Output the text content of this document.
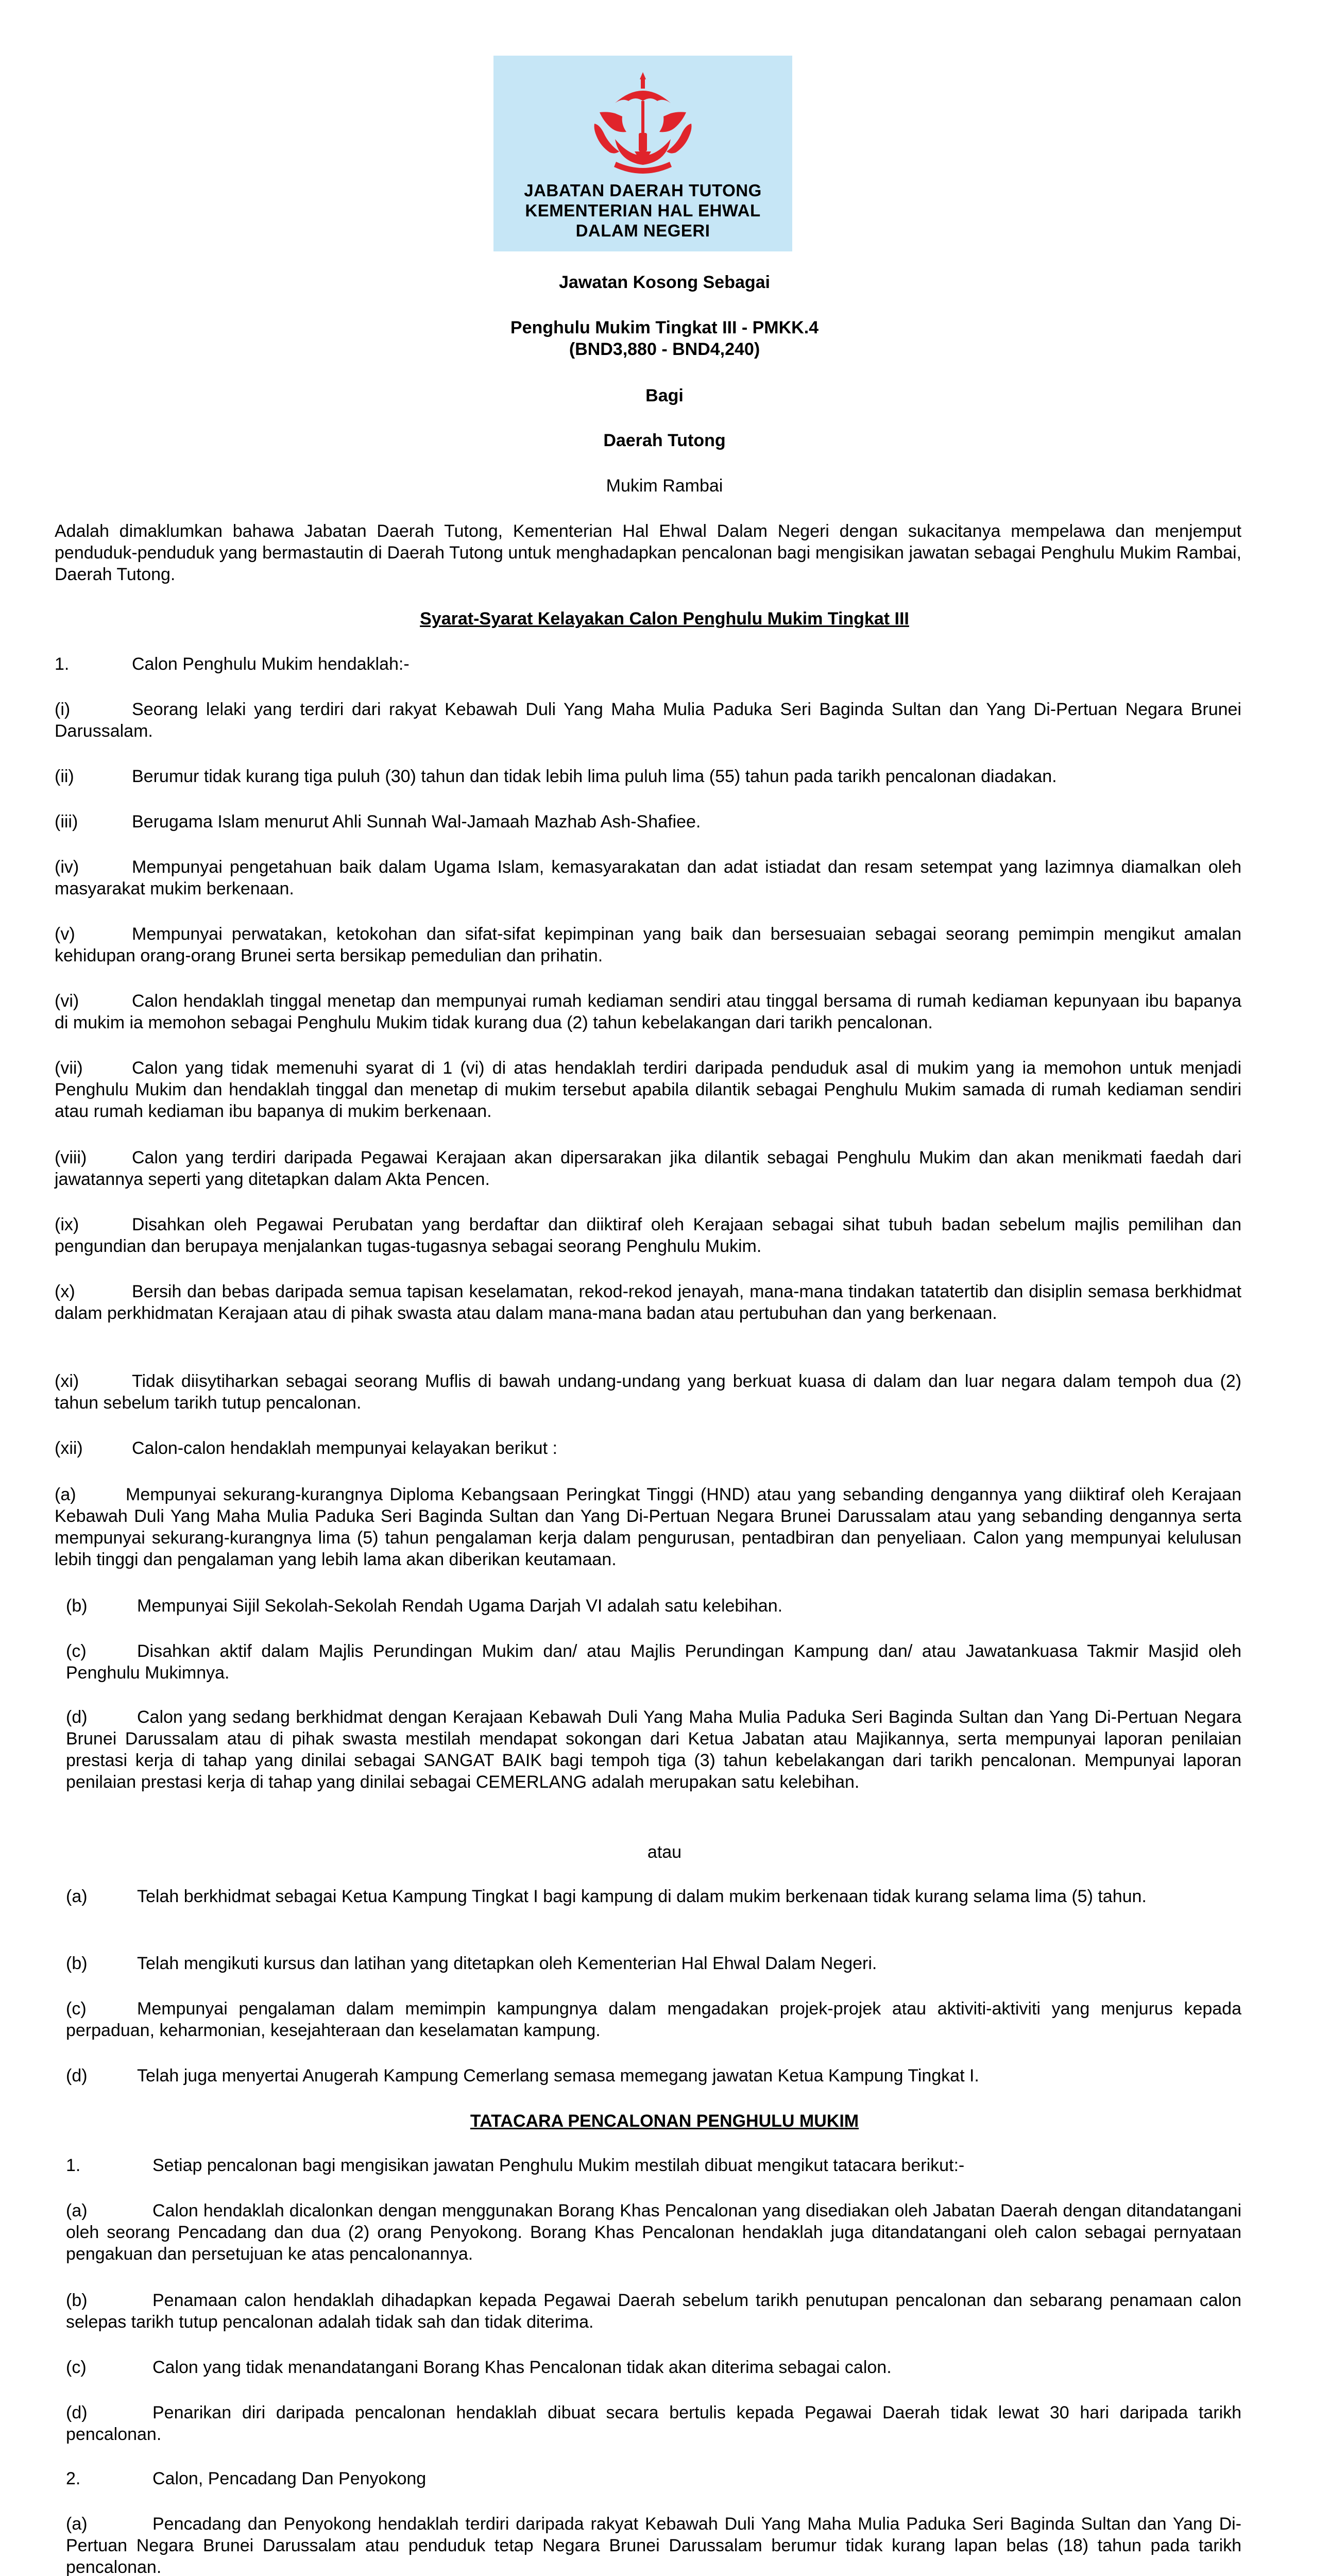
JABATAN DAERAH TUTONG
KEMENTERIAN HAL EHWAL
DALAM NEGERI
Jawatan Kosong Sebagai
Penghulu Mukim Tingkat III - PMKK.4
(BND3,880 - BND4,240)
Bagi
Daerah Tutong
Mukim Rambai
Adalah dimaklumkan bahawa Jabatan Daerah Tutong, Kementerian Hal Ehwal Dalam Negeri dengan sukacitanya mempelawa dan menjemput penduduk-penduduk yang bermastautin di Daerah Tutong untuk menghadapkan pencalonan bagi mengisikan jawatan sebagai Penghulu Mukim Rambai, Daerah Tutong.
Syarat-Syarat Kelayakan Calon Penghulu Mukim Tingkat III
1.	Calon Penghulu Mukim hendaklah:-
(i)	Seorang lelaki yang terdiri dari rakyat Kebawah Duli Yang Maha Mulia Paduka Seri Baginda Sultan dan Yang Di-Pertuan Negara Brunei Darussalam.
(ii)	Berumur tidak kurang tiga puluh (30) tahun dan tidak lebih lima puluh lima (55) tahun pada tarikh pencalonan diadakan.
(iii)	Berugama Islam menurut Ahli Sunnah Wal-Jamaah Mazhab Ash-Shafiee.
(iv)	Mempunyai pengetahuan baik dalam Ugama Islam, kemasyarakatan dan adat istiadat dan resam setempat yang lazimnya diamalkan oleh masyarakat mukim berkenaan.
(v)	Mempunyai perwatakan, ketokohan dan sifat-sifat kepimpinan yang baik dan bersesuaian sebagai seorang pemimpin mengikut amalan kehidupan orang-orang Brunei serta bersikap pemedulian dan prihatin.
(vi)	Calon hendaklah tinggal menetap dan mempunyai rumah kediaman sendiri atau tinggal bersama di rumah kediaman kepunyaan ibu bapanya di mukim ia memohon sebagai Penghulu Mukim tidak kurang dua (2) tahun kebelakangan dari tarikh pencalonan.
(vii)	Calon yang tidak memenuhi syarat di 1 (vi) di atas hendaklah terdiri daripada penduduk asal di mukim yang ia memohon untuk menjadi Penghulu Mukim dan hendaklah tinggal dan menetap di mukim tersebut apabila dilantik sebagai Penghulu Mukim samada di rumah kediaman sendiri atau rumah kediaman ibu bapanya di mukim berkenaan.
(viii)	Calon yang terdiri daripada Pegawai Kerajaan akan dipersarakan jika dilantik sebagai Penghulu Mukim dan akan menikmati faedah dari jawatannya seperti yang ditetapkan dalam Akta Pencen.
(ix)	Disahkan oleh Pegawai Perubatan yang berdaftar dan diiktiraf oleh Kerajaan sebagai sihat tubuh badan sebelum majlis pemilihan dan pengundian dan berupaya menjalankan tugas-tugasnya sebagai seorang Penghulu Mukim.
(x)	Bersih dan bebas daripada semua tapisan keselamatan, rekod-rekod jenayah, mana-mana tindakan tatatertib dan disiplin semasa berkhidmat dalam perkhidmatan Kerajaan atau di pihak swasta atau dalam mana-mana badan atau pertubuhan dan yang berkenaan.
(xi)	Tidak diisytiharkan sebagai seorang Muflis di bawah undang-undang yang berkuat kuasa di dalam dan luar negara dalam tempoh dua (2) tahun sebelum tarikh tutup pencalonan.
(xii)	Calon-calon hendaklah mempunyai kelayakan berikut :
(a)	Mempunyai sekurang-kurangnya Diploma Kebangsaan Peringkat Tinggi (HND) atau yang sebanding dengannya yang diiktiraf oleh Kerajaan Kebawah Duli Yang Maha Mulia Paduka Seri Baginda Sultan dan Yang Di-Pertuan Negara Brunei Darussalam atau yang sebanding dengannya serta mempunyai sekurang-kurangnya lima (5) tahun pengalaman kerja dalam pengurusan, pentadbiran dan penyeliaan. Calon yang mempunyai kelulusan lebih tinggi dan pengalaman yang lebih lama akan diberikan keutamaan.
(b)	Mempunyai Sijil Sekolah-Sekolah Rendah Ugama Darjah VI adalah satu kelebihan.
(c)	Disahkan aktif dalam Majlis Perundingan Mukim dan/ atau Majlis Perundingan Kampung dan/ atau Jawatankuasa Takmir Masjid oleh Penghulu Mukimnya.
(d)	Calon yang sedang berkhidmat dengan Kerajaan Kebawah Duli Yang Maha Mulia Paduka Seri Baginda Sultan dan Yang Di-Pertuan Negara Brunei Darussalam atau di pihak swasta mestilah mendapat sokongan dari Ketua Jabatan atau Majikannya, serta mempunyai laporan penilaian prestasi kerja di tahap yang dinilai sebagai SANGAT BAIK bagi tempoh tiga (3) tahun kebelakangan dari tarikh pencalonan. Mempunyai laporan penilaian prestasi kerja di tahap yang dinilai sebagai CEMERLANG adalah merupakan satu kelebihan.
atau
(a)	Telah berkhidmat sebagai Ketua Kampung Tingkat I bagi kampung di dalam mukim berkenaan tidak kurang selama lima (5) tahun.
(b)	Telah mengikuti kursus dan latihan yang ditetapkan oleh Kementerian Hal Ehwal Dalam Negeri.
(c)	Mempunyai pengalaman dalam memimpin kampungnya dalam mengadakan projek-projek atau aktiviti-aktiviti yang menjurus kepada perpaduan, keharmonian, kesejahteraan dan keselamatan kampung.
(d)	Telah juga menyertai Anugerah Kampung Cemerlang semasa memegang jawatan Ketua Kampung Tingkat I.
TATACARA PENCALONAN PENGHULU MUKIM
1.	Setiap pencalonan bagi mengisikan jawatan Penghulu Mukim mestilah dibuat mengikut tatacara berikut:-
(a)	Calon hendaklah dicalonkan dengan menggunakan Borang Khas Pencalonan yang disediakan oleh Jabatan Daerah dengan ditandatangani oleh seorang Pencadang dan dua (2) orang Penyokong. Borang Khas Pencalonan hendaklah juga ditandatangani oleh calon sebagai pernyataan pengakuan dan persetujuan ke atas pencalonannya.
(b)	Penamaan calon hendaklah dihadapkan kepada Pegawai Daerah sebelum tarikh penutupan pencalonan dan sebarang penamaan calon selepas tarikh tutup pencalonan adalah tidak sah dan tidak diterima.
(c)	Calon yang tidak menandatangani Borang Khas Pencalonan tidak akan diterima sebagai calon.
(d)	Penarikan diri daripada pencalonan hendaklah dibuat secara bertulis kepada Pegawai Daerah tidak lewat 30 hari daripada tarikh pencalonan.
2.	Calon, Pencadang Dan Penyokong
(a)	Pencadang dan Penyokong hendaklah terdiri daripada rakyat Kebawah Duli Yang Maha Mulia Paduka Seri Baginda Sultan dan Yang Di-Pertuan Negara Brunei Darussalam atau penduduk tetap Negara Brunei Darussalam berumur tidak kurang lapan belas (18) tahun pada tarikh pencalonan.
